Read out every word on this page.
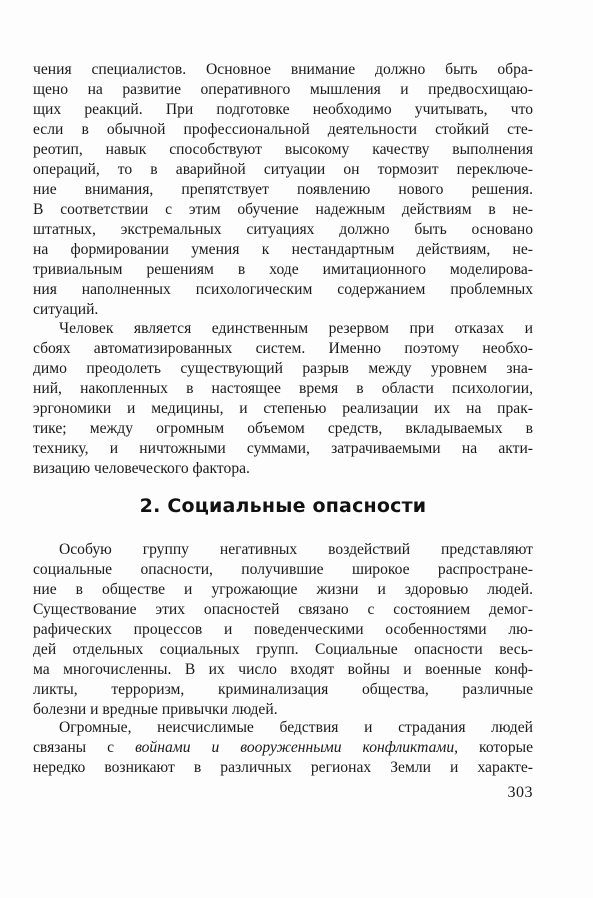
чения специалистов. Основное внимание должно быть обра-
щено на развитие оперативного мышления и предвосхищаю-
щих реакций. При подготовке необходимо учитывать, что
если в обычной профессиональной деятельности стойкий сте-
реотип, навык способствуют высокому качеству выполнения
операций, то в аварийной ситуации он тормозит переключе-
ние внимания, препятствует появлению нового решения.
В соответствии с этим обучение надежным действиям в не-
штатных, экстремальных ситуациях должно быть основано
на формировании умения к нестандартным действиям, не-
тривиальным решениям в ходе имитационного моделирова-
ния наполненных психологическим содержанием проблемных
ситуаций.
Человек является единственным резервом при отказах и
сбоях автоматизированных систем. Именно поэтому необхо-
димо преодолеть существующий разрыв между уровнем зна-
ний, накопленных в настоящее время в области психологии,
эргономики и медицины, и степенью реализации их на прак-
тике; между огромным объемом средств, вкладываемых в
технику, и ничтожными суммами, затрачиваемыми на акти-
визацию человеческого фактора.
2. Социальные опасности
Особую группу негативных воздействий представляют
социальные опасности, получившие широкое распростране-
ние в обществе и угрожающие жизни и здоровью людей.
Существование этих опасностей связано с состоянием демог-
рафических процессов и поведенческими особенностями лю-
дей отдельных социальных групп. Социальные опасности весь-
ма многочисленны. В их число входят войны и военные конф-
ликты, терроризм, криминализация общества, различные
болезни и вредные привычки людей.
Огромные, неисчислимые бедствия и страдания людей
связаны с войнами и вооруженными конфликтами, которые
нередко возникают в различных регионах Земли и характе-
303
